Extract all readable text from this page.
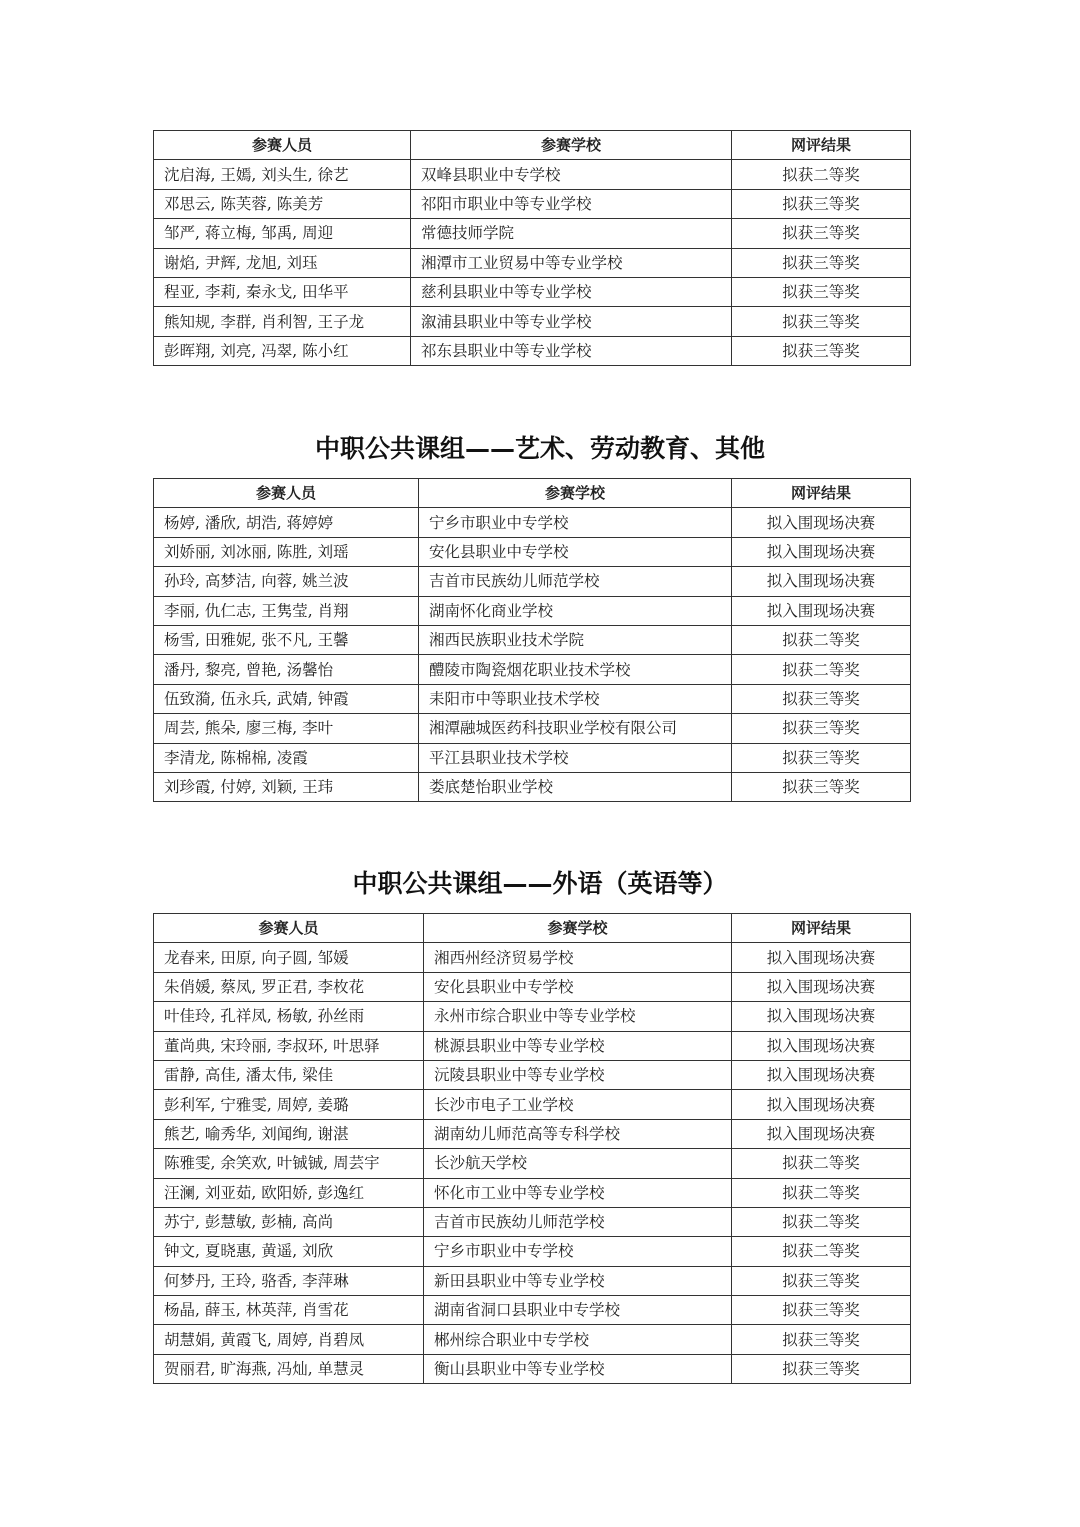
参赛人员	参赛学校	网评结果
沈启海, 王嫣, 刘头生, 徐艺	双峰县职业中专学校	拟获二等奖
邓思云, 陈芙蓉, 陈美芳	祁阳市职业中等专业学校	拟获三等奖
邹严, 蒋立梅, 邹禹, 周迎	常德技师学院	拟获三等奖
谢焰, 尹辉, 龙旭, 刘珏	湘潭市工业贸易中等专业学校	拟获三等奖
程亚, 李莉, 秦永戈, 田华平	慈利县职业中等专业学校	拟获三等奖
熊知规, 李群, 肖利智, 王子龙	溆浦县职业中等专业学校	拟获三等奖
彭晖翔, 刘亮, 冯翠, 陈小红	祁东县职业中等专业学校	拟获三等奖
中职公共课组——艺术、劳动教育、其他
参赛人员	参赛学校	网评结果
杨婷, 潘欣, 胡浩, 蒋婷婷	宁乡市职业中专学校	拟入围现场决赛
刘娇丽, 刘冰丽, 陈胜, 刘瑶	安化县职业中专学校	拟入围现场决赛
孙玲, 高梦洁, 向蓉, 姚兰波	吉首市民族幼儿师范学校	拟入围现场决赛
李丽, 仇仁志, 王隽莹, 肖翔	湖南怀化商业学校	拟入围现场决赛
杨雪, 田雅妮, 张不凡, 王馨	湘西民族职业技术学院	拟获二等奖
潘丹, 黎亮, 曾艳, 汤馨怡	醴陵市陶瓷烟花职业技术学校	拟获二等奖
伍致漪, 伍永兵, 武婧, 钟霞	耒阳市中等职业技术学校	拟获三等奖
周芸, 熊朵, 廖三梅, 李叶	湘潭融城医药科技职业学校有限公司	拟获三等奖
李清龙, 陈棉棉, 凌霞	平江县职业技术学校	拟获三等奖
刘珍霞, 付婷, 刘颖, 王玮	娄底楚怡职业学校	拟获三等奖
中职公共课组——外语（英语等）
参赛人员	参赛学校	网评结果
龙春来, 田原, 向子圆, 邹媛	湘西州经济贸易学校	拟入围现场决赛
朱俏媛, 蔡凤, 罗正君, 李枚花	安化县职业中专学校	拟入围现场决赛
叶佳玲, 孔祥凤, 杨敏, 孙丝雨	永州市综合职业中等专业学校	拟入围现场决赛
董尚典, 宋玲丽, 李叔环, 叶思驿	桃源县职业中等专业学校	拟入围现场决赛
雷静, 高佳, 潘太伟, 梁佳	沅陵县职业中等专业学校	拟入围现场决赛
彭利军, 宁雅雯, 周婷, 姜璐	长沙市电子工业学校	拟入围现场决赛
熊艺, 喻秀华, 刘闻绚, 谢湛	湖南幼儿师范高等专科学校	拟入围现场决赛
陈雅雯, 余笑欢, 叶铖铖, 周芸宇	长沙航天学校	拟获二等奖
汪澜, 刘亚茹, 欧阳娇, 彭逸红	怀化市工业中等专业学校	拟获二等奖
苏宁, 彭慧敏, 彭楠, 高尚	吉首市民族幼儿师范学校	拟获二等奖
钟文, 夏晓惠, 黄遥, 刘欣	宁乡市职业中专学校	拟获二等奖
何梦丹, 王玲, 骆香, 李萍琳	新田县职业中等专业学校	拟获三等奖
杨晶, 薛玉, 林英萍, 肖雪花	湖南省洞口县职业中专学校	拟获三等奖
胡慧娟, 黄霞飞, 周婷, 肖碧凤	郴州综合职业中专学校	拟获三等奖
贺丽君, 旷海燕, 冯灿, 单慧灵	衡山县职业中等专业学校	拟获三等奖
